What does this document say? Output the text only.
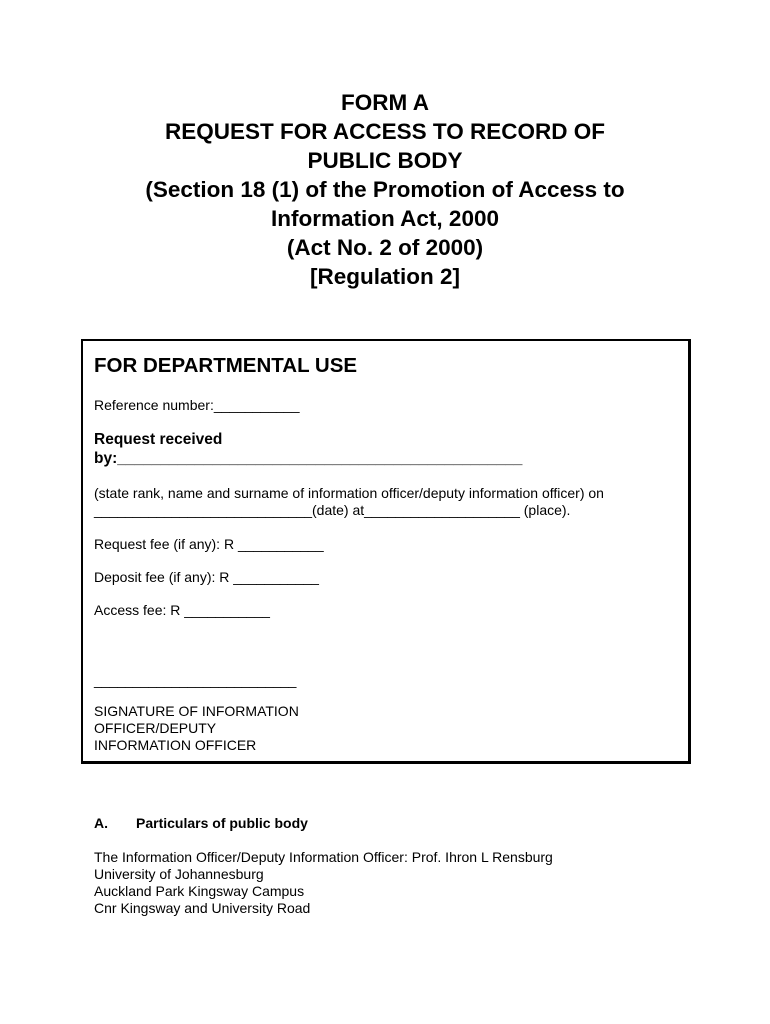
FORM A
REQUEST FOR ACCESS TO RECORD OF
PUBLIC BODY
(Section 18 (1) of the Promotion of Access to
Information Act, 2000
(Act No. 2 of 2000)
[Regulation 2]
FOR DEPARTMENTAL USE
Reference number:___________
Request received
by:_______________________________________________
(state rank, name and surname of information officer/deputy information officer) on
____________________________(date) at____________________ (place).
Request fee (if any): R ___________
Deposit fee (if any): R ___________
Access fee: R ___________
__________________________
SIGNATURE OF INFORMATION
OFFICER/DEPUTY
INFORMATION OFFICER
A. Particulars of public body
The Information Officer/Deputy Information Officer: Prof. Ihron L Rensburg
University of Johannesburg
Auckland Park Kingsway Campus
Cnr Kingsway and University Road
